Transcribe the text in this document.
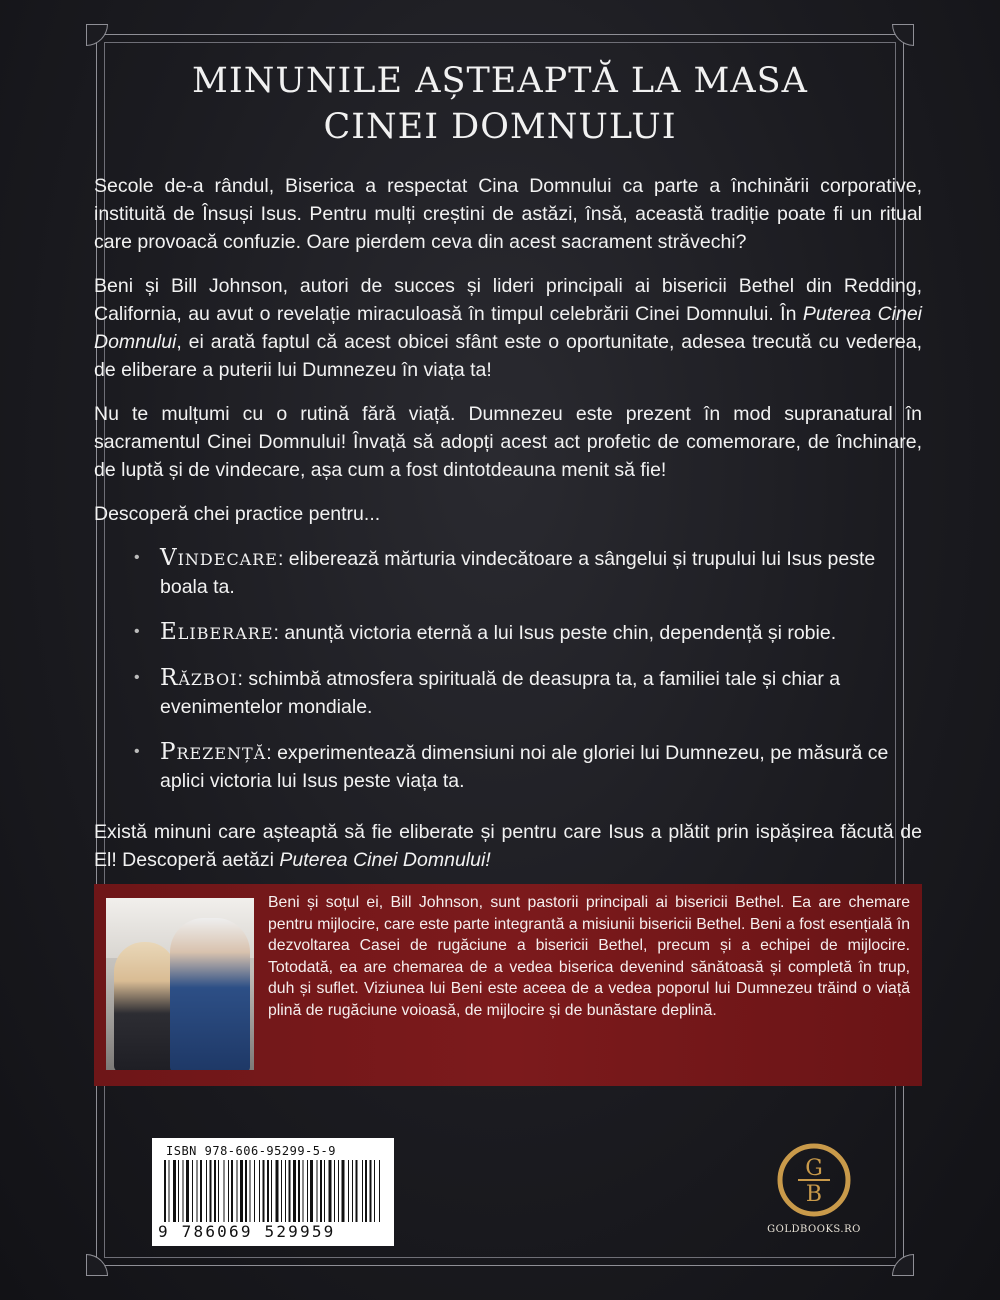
MINUNILE AȘTEAPTĂ LA MASA CINEI DOMNULUI

Secole de-a rândul, Biserica a respectat Cina Domnului ca parte a închinării corporative, instituită de Însuși Isus. Pentru mulți creștini de astăzi, însă, această tradiție poate fi un ritual care provoacă confuzie. Oare pierdem ceva din acest sacrament străvechi?

Beni și Bill Johnson, autori de succes și lideri principali ai bisericii Bethel din Redding, California, au avut o revelație miraculoasă în timpul celebrării Cinei Domnului. În Puterea Cinei Domnului, ei arată faptul că acest obicei sfânt este o oportunitate, adesea trecută cu vederea, de eliberare a puterii lui Dumnezeu în viața ta!

Nu te mulțumi cu o rutină fără viață. Dumnezeu este prezent în mod supranatural în sacramentul Cinei Domnului! Învață să adopți acest act profetic de comemorare, de închinare, de luptă și de vindecare, așa cum a fost dintotdeauna menit să fie!

Descoperă chei practice pentru...

• Vindecare: eliberează mărturia vindecătoare a sângelui și trupului lui Isus peste boala ta.
• Eliberare: anunță victoria eternă a lui Isus peste chin, dependență și robie.
• Război: schimbă atmosfera spirituală de deasupra ta, a familiei tale și chiar a evenimentelor mondiale.
• Prezență: experimentează dimensiuni noi ale gloriei lui Dumnezeu, pe măsură ce aplici victoria lui Isus peste viața ta.

Există minuni care așteaptă să fie eliberate și pentru care Isus a plătit prin ispășirea făcută de El! Descoperă aetăzi Puterea Cinei Domnului!

Beni și soțul ei, Bill Johnson, sunt pastorii principali ai bisericii Bethel. Ea are chemare pentru mijlocire, care este parte integrantă a misiunii bisericii Bethel. Beni a fost esențială în dezvoltarea Casei de rugăciune a bisericii Bethel, precum și a echipei de mijlocire. Totodată, ea are chemarea de a vedea biserica devenind sănătoasă și completă în trup, duh și suflet. Viziunea lui Beni este aceea de a vedea poporul lui Dumnezeu trăind o viață plină de rugăciune voioasă, de mijlocire și de bunăstare deplină.

ISBN 978-606-95299-5-9
9 786069 529959
G
B
GOLDBOOKS.RO
